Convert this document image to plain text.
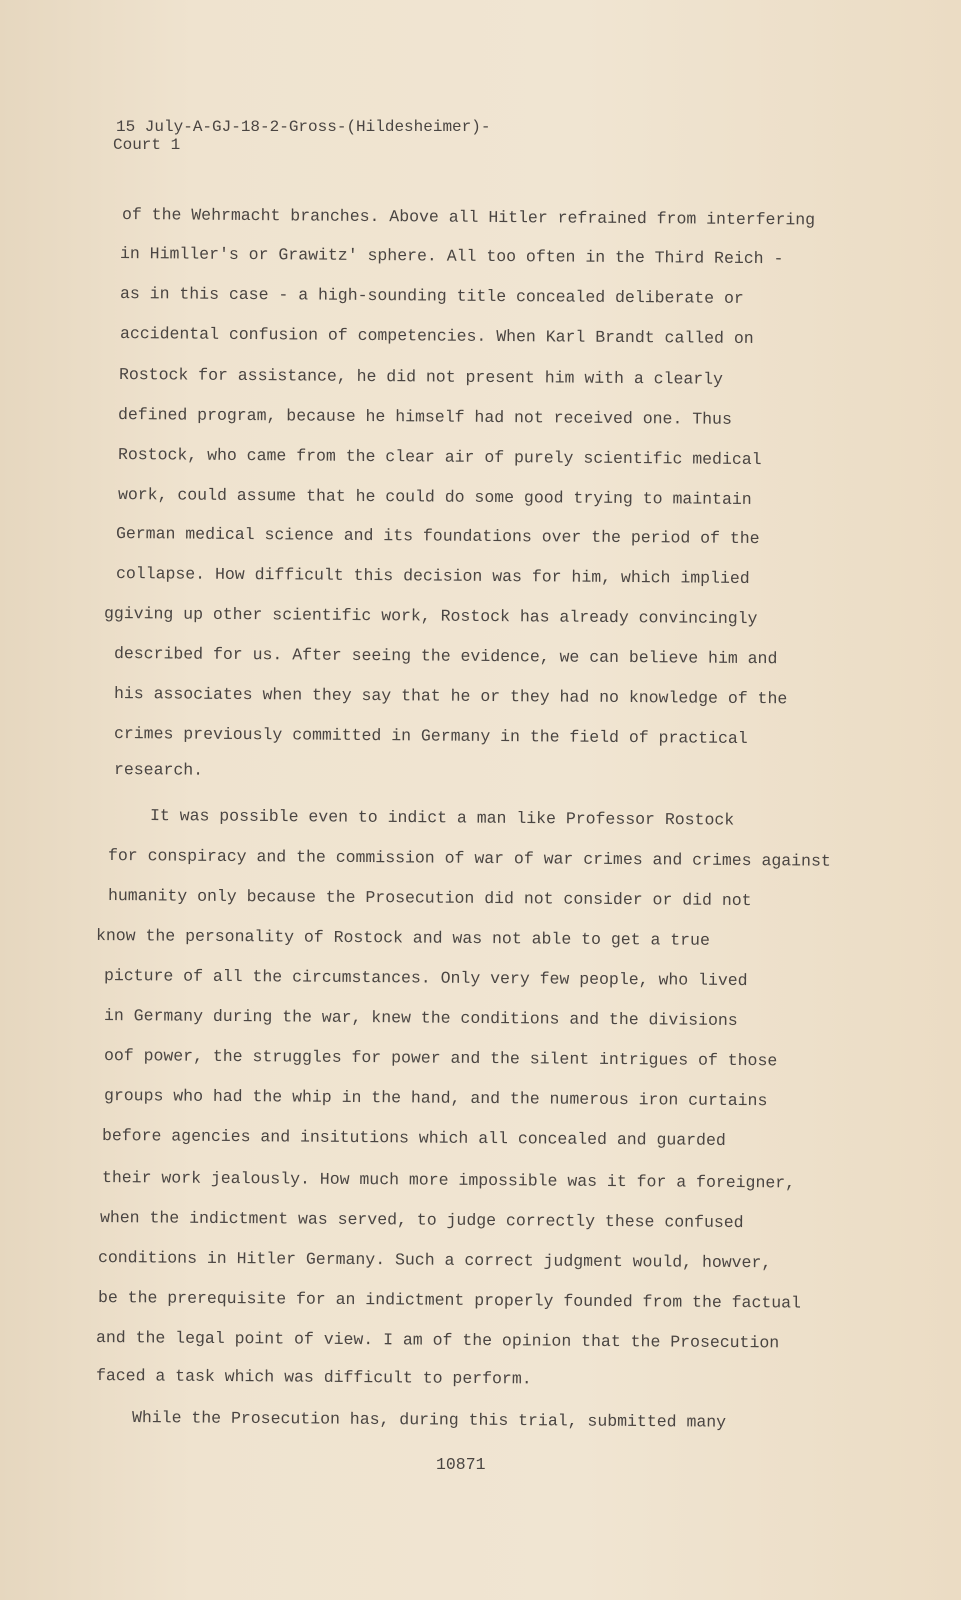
15 July-A-GJ-18-2-Gross-(Hildesheimer)-
Court 1
of the Wehrmacht branches. Above all Hitler refrained from interfering
in Himller's or Grawitz' sphere. All too often in the Third Reich -
as in this case - a high-sounding title concealed deliberate or
accidental confusion of competencies. When Karl Brandt called on
Rostock for assistance, he did not present him with a clearly
defined program, because he himself had not received one. Thus
Rostock, who came from the clear air of purely scientific medical
work, could assume that he could do some good trying to maintain
German medical science and its foundations over the period of the
collapse. How difficult this decision was for him, which implied
ggiving up other scientific work, Rostock has already convincingly
described for us. After seeing the evidence, we can believe him and
his associates when they say that he or they had no knowledge of the
crimes previously committed in Germany in the field of practical
research.
It was possible even to indict a man like Professor Rostock
for conspiracy and the commission of war of war crimes and crimes against
humanity only because the Prosecution did not consider or did not
know the personality of Rostock and was not able to get a true
picture of all the circumstances. Only very few people, who lived
in Germany during the war, knew the conditions and the divisions
oof power, the struggles for power and the silent intrigues of those
groups who had the whip in the hand, and the numerous iron curtains
before agencies and insitutions which all concealed and guarded
their work jealously. How much more impossible was it for a foreigner,
when the indictment was served, to judge correctly these confused
conditions in Hitler Germany. Such a correct judgment would, howver,
be the prerequisite for an indictment properly founded from the factual
and the legal point of view. I am of the opinion that the Prosecution
faced a task which was difficult to perform.
While the Prosecution has, during this trial, submitted many
10871
